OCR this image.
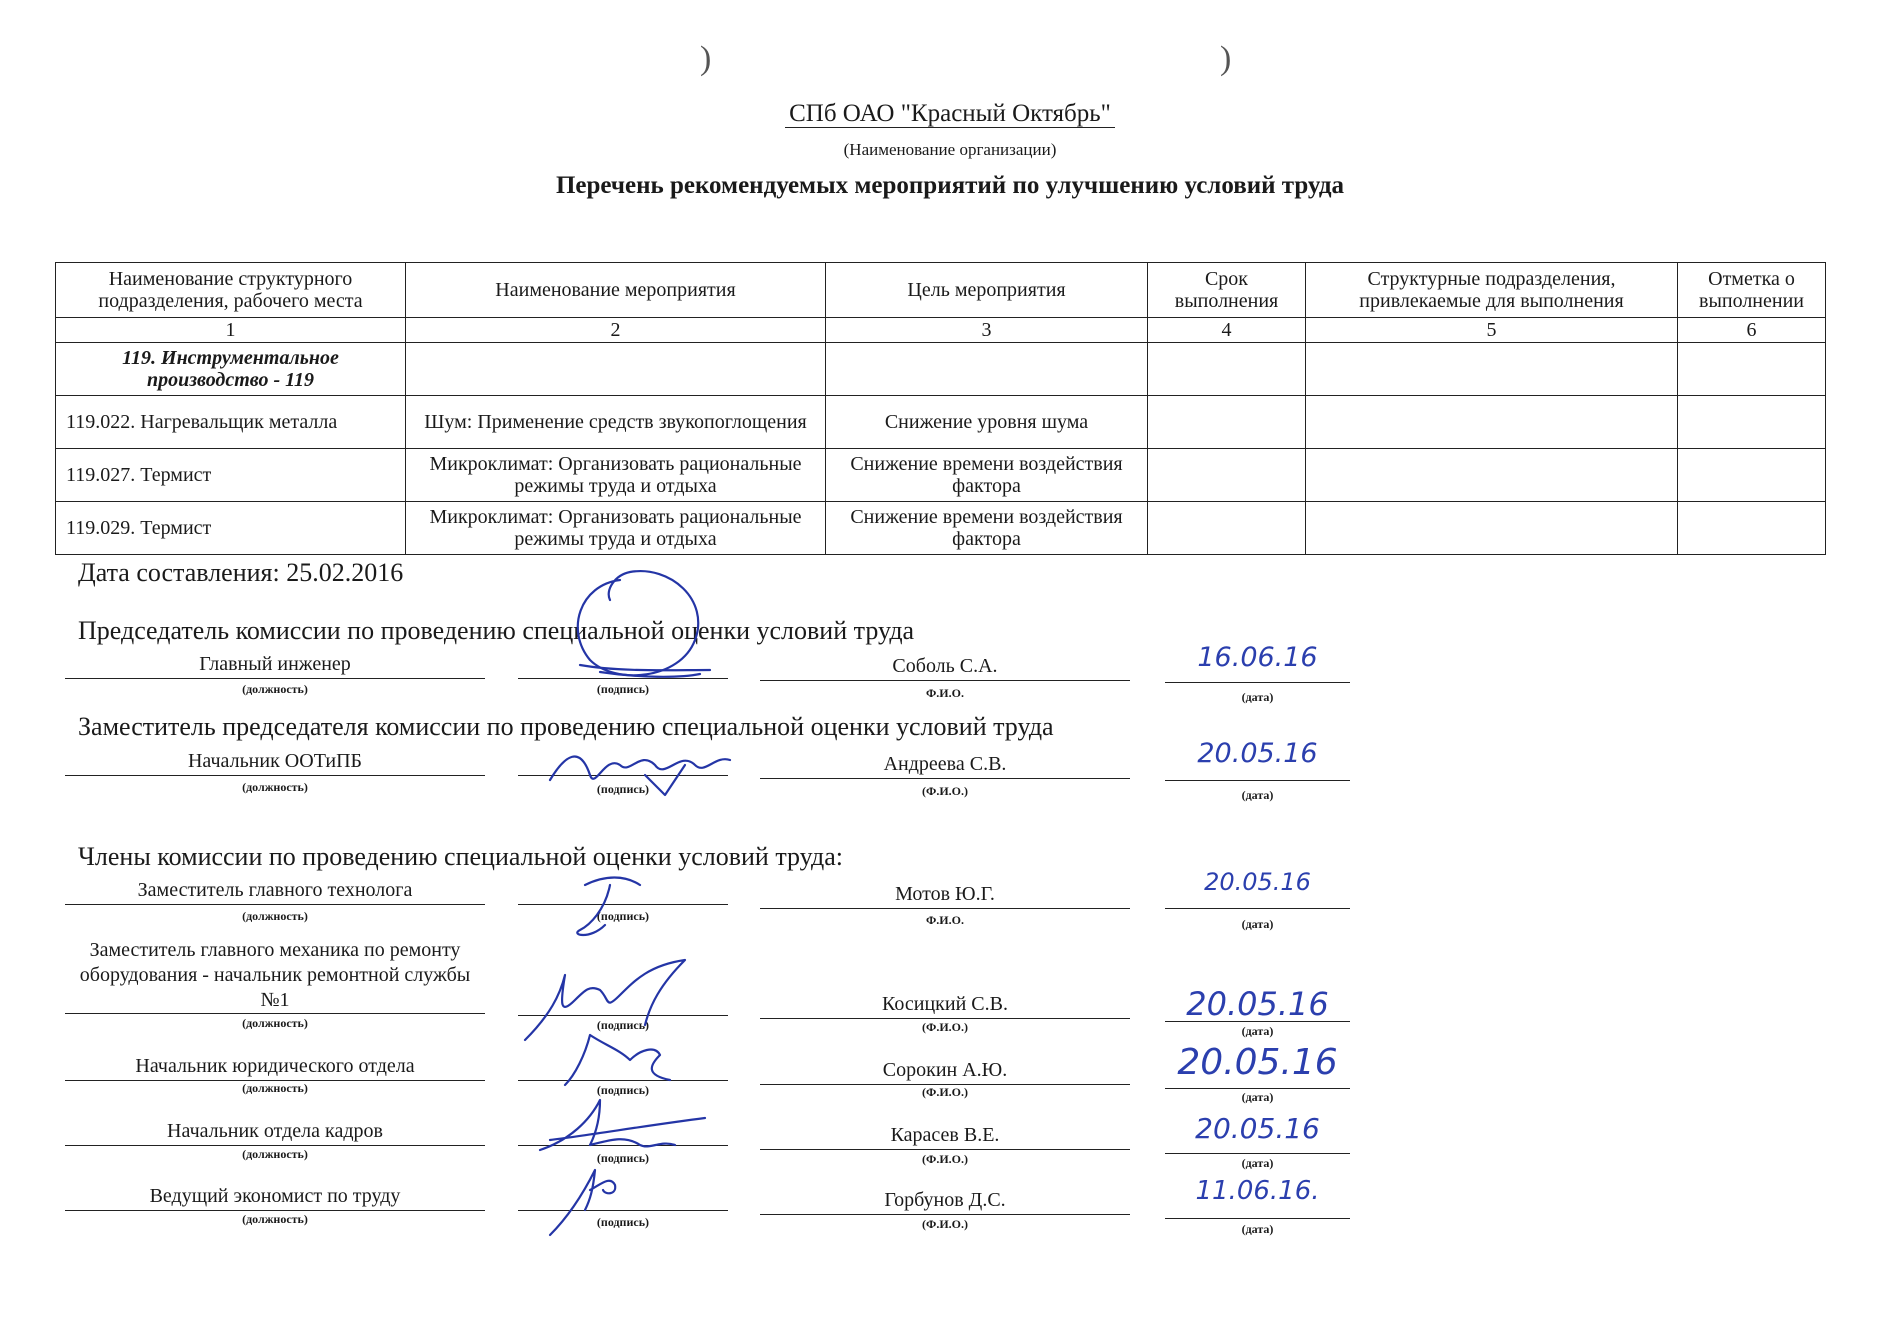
)	)
СПб ОАО "Красный Октябрь"
(Наименование организации)
Перечень рекомендуемых мероприятий по улучшению условий труда
Наименование структурного подразделения, рабочего места	Наименование мероприятия	Цель мероприятия	Срок выполнения	Структурные подразделения, привлекаемые для выполнения	Отметка о выполнении
1	2	3	4	5	6
119. Инструментальное производство - 119					
119.022. Нагревальщик металла	Шум: Применение средств звукопоглощения	Снижение уровня шума			
119.027. Термист	Микроклимат: Организовать рациональные режимы труда и отдыха	Снижение времени воздействия фактора			
119.029. Термист	Микроклимат: Организовать рациональные режимы труда и отдыха	Снижение времени воздействия фактора			
Дата составления: 25.02.2016
Председатель комиссии по проведению специальной оценки условий труда
Главный инженер
(должность)	(подпись)
Соболь С.А.
Ф.И.О.
16.06.16
(дата)
Заместитель председателя комиссии по проведению специальной оценки условий труда
Начальник ООТиПБ
(должность)	(подпись)
Андреева С.В.
(Ф.И.О.)
20.05.16
(дата)
Члены комиссии по проведению специальной оценки условий труда:
Заместитель главного технолога
(должность)	(подпись)
Мотов Ю.Г.
Ф.И.О.
20.05.16
(дата)
Заместитель главного механика по ремонту оборудования - начальник ремонтной службы №1
(должность)	(подпись)
Косицкий С.В.
(Ф.И.О.)
20.05.16
(дата)
Начальник юридического отдела
(должность)	(подпись)
Сорокин А.Ю.
(Ф.И.О.)
20.05.16
(дата)
Начальник отдела кадров
(должность)	(подпись)
Карасев В.Е.
(Ф.И.О.)
20.05.16
(дата)
Ведущий экономист по труду
(должность)	(подпись)
Горбунов Д.С.
(Ф.И.О.)
11.06.16.
(дата)
